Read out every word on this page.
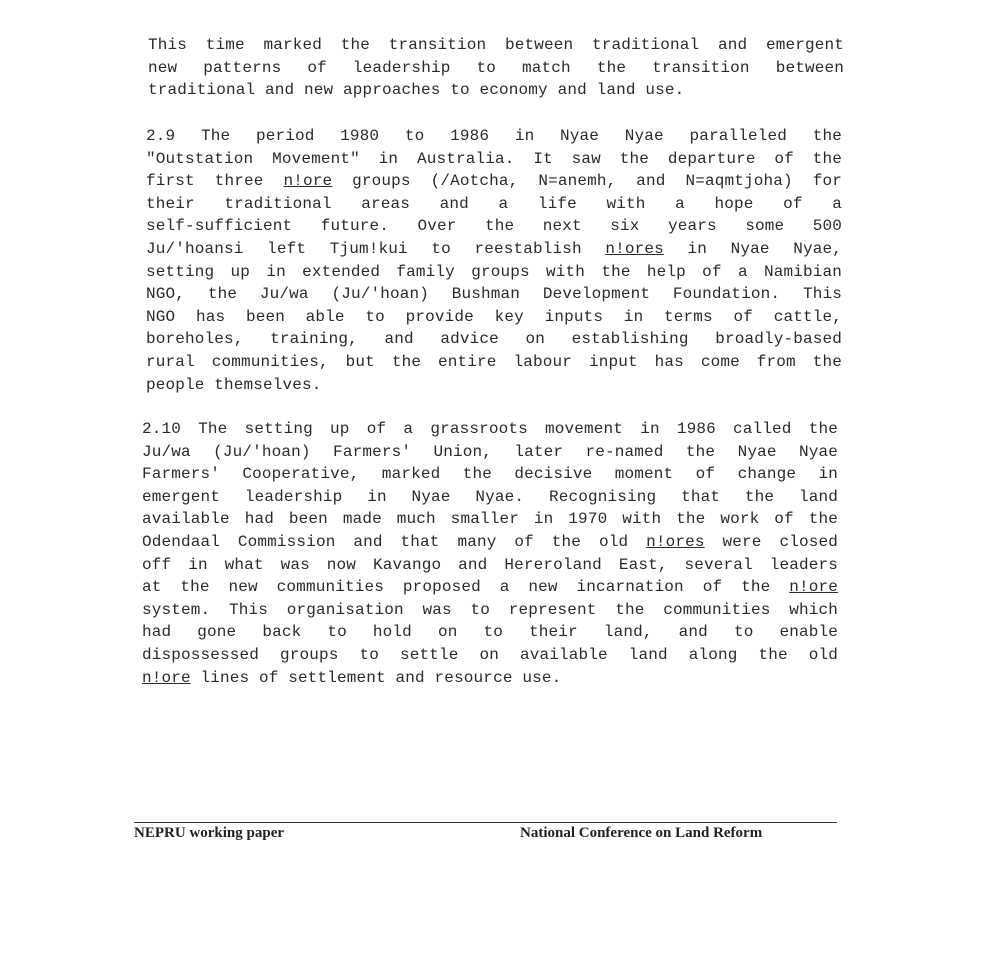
This time marked the transition between traditional and emergent
new patterns of leadership to match the transition between
traditional and new approaches to economy and land use.
2.9 The period 1980 to 1986 in Nyae Nyae paralleled the
"Outstation Movement" in Australia. It saw the departure of the
first three n!ore groups (/Aotcha, N=anemh, and N=aqmtjoha) for
their traditional areas and a life with a hope of a
self-sufficient future. Over the next six years some 500
Ju/'hoansi left Tjum!kui to reestablish n!ores in Nyae Nyae,
setting up in extended family groups with the help of a Namibian
NGO, the Ju/wa (Ju/'hoan) Bushman Development Foundation. This
NGO has been able to provide key inputs in terms of cattle,
boreholes, training, and advice on establishing broadly-based
rural communities, but the entire labour input has come from the
people themselves.
2.10 The setting up of a grassroots movement in 1986 called the
Ju/wa (Ju/'hoan) Farmers' Union, later re-named the Nyae Nyae
Farmers' Cooperative, marked the decisive moment of change in
emergent leadership in Nyae Nyae. Recognising that the land
available had been made much smaller in 1970 with the work of the
Odendaal Commission and that many of the old n!ores were closed
off in what was now Kavango and Hereroland East, several leaders
at the new communities proposed a new incarnation of the n!ore
system. This organisation was to represent the communities which
had gone back to hold on to their land, and to enable
dispossessed groups to settle on available land along the old
n!ore lines of settlement and resource use.
NEPRU working paper	National Conference on Land Reform
